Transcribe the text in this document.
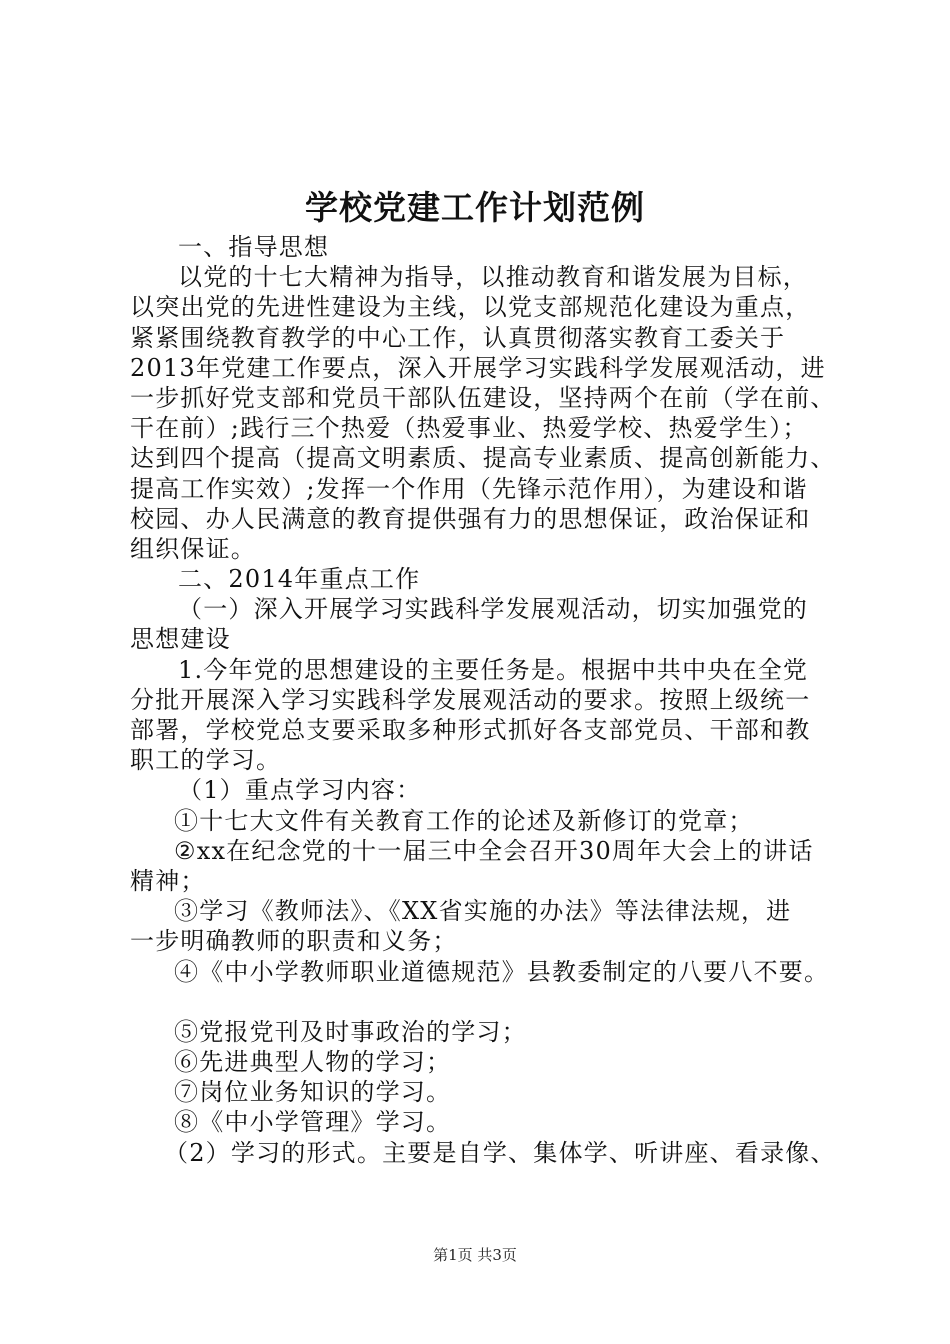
学校党建工作计划范例
一、指导思想
以党的十七大精神为指导，以推动教育和谐发展为目标，
以突出党的先进性建设为主线，以党支部规范化建设为重点，
紧紧围绕教育教学的中心工作，认真贯彻落实教育工委关于
2013年党建工作要点，深入开展学习实践科学发展观活动，进
一步抓好党支部和党员干部队伍建设，坚持两个在前（学在前、
干在前）;践行三个热爱（热爱事业、热爱学校、热爱学生）；
达到四个提高（提高文明素质、提高专业素质、提高创新能力、
提高工作实效）;发挥一个作用（先锋示范作用），为建设和谐
校园、办人民满意的教育提供强有力的思想保证，政治保证和
组织保证。
二、2014年重点工作
（一）深入开展学习实践科学发展观活动，切实加强党的
思想建设
1.今年党的思想建设的主要任务是。根据中共中央在全党
分批开展深入学习实践科学发展观活动的要求。按照上级统一
部署，学校党总支要采取多种形式抓好各支部党员、干部和教
职工的学习。
（1）重点学习内容：
①十七大文件有关教育工作的论述及新修订的党章；
②xx在纪念党的十一届三中全会召开30周年大会上的讲话
精神；
③学习《教师法》、《XX省实施的办法》等法律法规，进
一步明确教师的职责和义务；
④《中小学教师职业道德规范》县教委制定的八要八不要。
⑤党报党刊及时事政治的学习；
⑥先进典型人物的学习；
⑦岗位业务知识的学习。
⑧《中小学管理》学习。
（2）学习的形式。主要是自学、集体学、听讲座、看录像、
第1页 共3页
